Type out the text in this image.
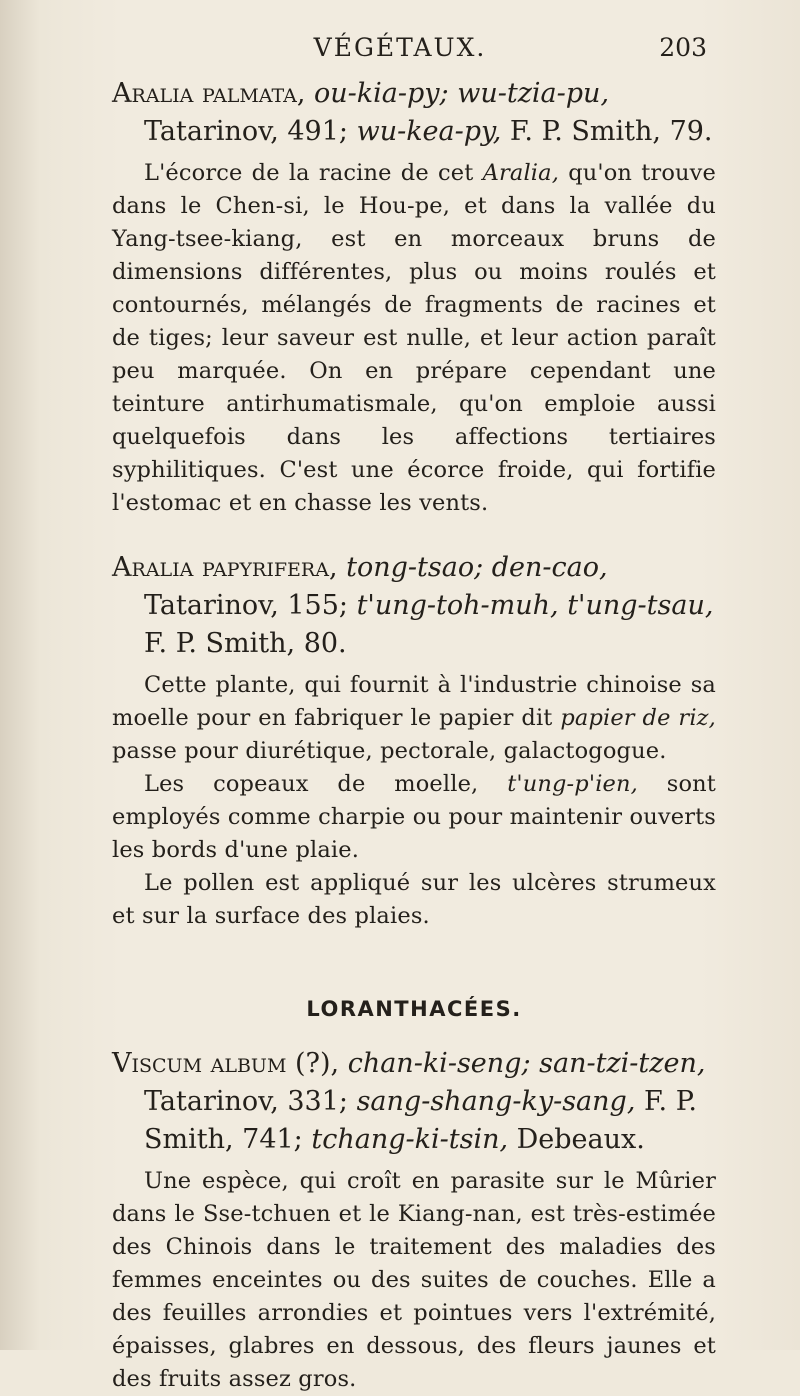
VÉGÉTAUX.	203
Aralia palmata, ou-kia-py; wu-tzia-pu, Tatarinov, 491; wu-kea-py, F. P. Smith, 79.

L'écorce de la racine de cet Aralia, qu'on trouve dans le Chen-si, le Hou-pe, et dans la vallée du Yang-tsee-kiang, est en morceaux bruns de dimensions différentes, plus ou moins roulés et contournés, mélangés de fragments de racines et de tiges; leur saveur est nulle, et leur action paraît peu marquée. On en prépare cependant une teinture antirhumatismale, qu'on emploie aussi quelquefois dans les affections tertiaires syphilitiques. C'est une écorce froide, qui fortifie l'estomac et en chasse les vents.

Aralia papyrifera, tong-tsao; den-cao, Tatarinov, 155; t'ung-toh-muh, t'ung-tsau, F. P. Smith, 80.

Cette plante, qui fournit à l'industrie chinoise sa moelle pour en fabriquer le papier dit papier de riz, passe pour diurétique, pectorale, galactogogue.

Les copeaux de moelle, t'ung-p'ien, sont employés comme charpie ou pour maintenir ouverts les bords d'une plaie.

Le pollen est appliqué sur les ulcères strumeux et sur la surface des plaies.

LORANTHACÉES.
Viscum album (?), chan-ki-seng; san-tzi-tzen, Tatarinov, 331; sang-shang-ky-sang, F. P. Smith, 741; tchang-ki-tsin, Debeaux.

Une espèce, qui croît en parasite sur le Mûrier dans le Sse-tchuen et le Kiang-nan, est très-estimée des Chinois dans le traitement des maladies des femmes enceintes ou des suites de couches. Elle a des feuilles arrondies et pointues vers l'extrémité, épaisses, glabres en dessous, des fleurs jaunes et des fruits assez gros.
